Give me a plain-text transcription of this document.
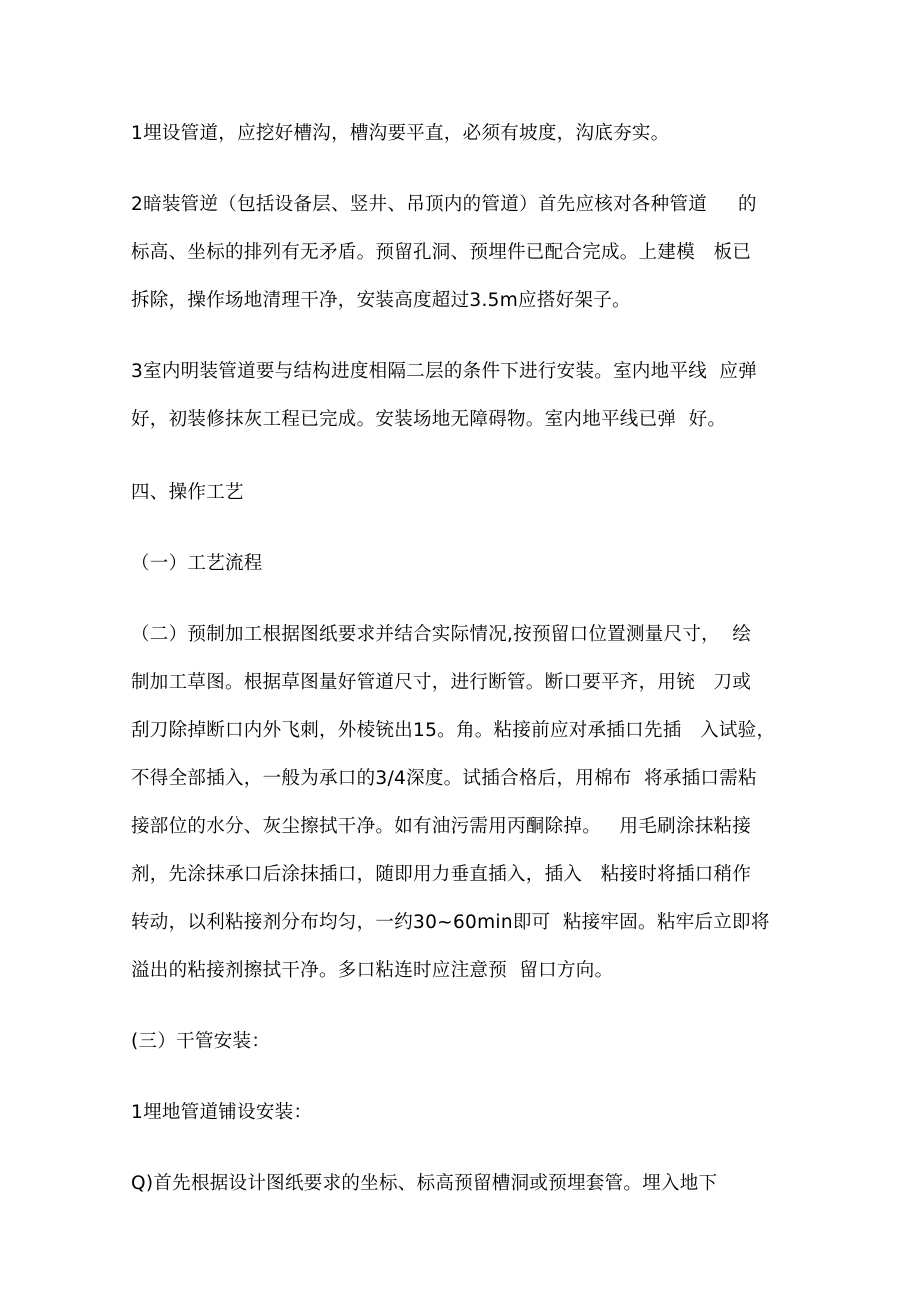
1埋设管道，应挖好槽沟，槽沟要平直，必须有坡度，沟底夯实。

2暗装管逆（包括设备层、竖井、吊顶内的管道）首先应核对各种管道     的

标高、坐标的排列有无矛盾。预留孔洞、预埋件已配合完成。上建模   板已

拆除，操作场地清理干净，安装高度超过3.5m应搭好架子。

3室内明装管道要与结构进度相隔二层的条件下进行安装。室内地平线  应弹

好，初装修抹灰工程已完成。安装场地无障碍物。室内地平线已弹  好。

四、操作工艺

（一）工艺流程

（二）预制加工根据图纸要求并结合实际情况,按预留口位置测量尺寸，  绘

制加工草图。根据草图量好管道尺寸，进行断管。断口要平齐，用铳   刀或

刮刀除掉断口内外飞刺，外棱铳出15。角。粘接前应对承插口先插   入试验，

不得全部插入，一般为承口的3/4深度。试插合格后，用棉布  将承插口需粘

接部位的水分、灰尘擦拭干净。如有油污需用丙酮除掉。   用毛刷涂抹粘接

剂，先涂抹承口后涂抹插口，随即用力垂直插入，插入   粘接时将插口稍作

转动，以利粘接剂分布均匀，一约30~60min即可  粘接牢固。粘牢后立即将

溢出的粘接剂擦拭干净。多口粘连时应注意预  留口方向。

(三）干管安装：

1埋地管道铺设安装：

Q)首先根据设计图纸要求的坐标、标高预留槽洞或预埋套管。埋入地下
